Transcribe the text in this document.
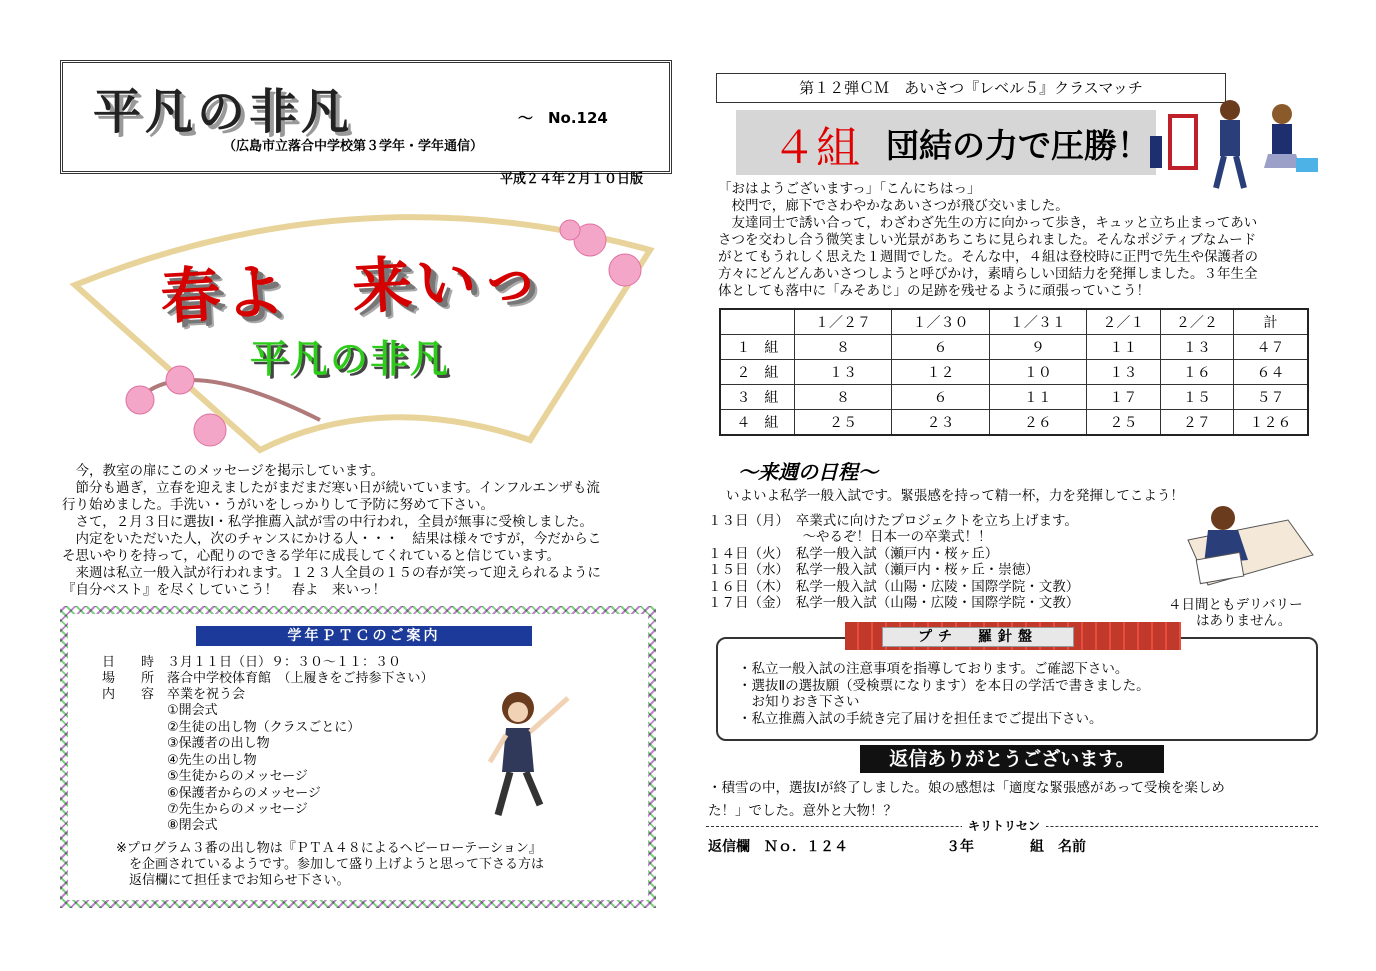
平凡の非凡	～　No.124
（広島市立落合中学校第３学年・学年通信）
平成２４年２月１０日版
春よ　来いっ
平凡の非凡
　今，教室の扉にこのメッセージを掲示しています。
　節分も過ぎ，立春を迎えましたがまだまだ寒い日が続いています。インフルエンザも流
行り始めました。手洗い・うがいをしっかりして予防に努めて下さい。
　さて，２月３日に選抜Ⅰ・私学推薦入試が雪の中行われ，全員が無事に受検しました。
　内定をいただいた人，次のチャンスにかける人・・・　結果は様々ですが，今だからこ
そ思いやりを持って，心配りのできる学年に成長してくれていると信じています。
　来週は私立一般入試が行われます。１２３人全員の１５の春が笑って迎えられるように
『自分ベスト』を尽くしていこう！　春よ　来いっ！
学年ＰＴＣのご案内
日　　時　３月１１日（日）９：３０～１１：３０
場　　所　落合中学校体育館　（上履きをご持参下さい）
内　　容　卒業を祝う会
　　　　　①開会式
　　　　　②生徒の出し物（クラスごとに）
　　　　　③保護者の出し物
　　　　　④先生の出し物
　　　　　⑤生徒からのメッセージ
　　　　　⑥保護者からのメッセージ
　　　　　⑦先生からのメッセージ
　　　　　⑧閉会式
※プログラム３番の出し物は『ＰＴＡ４８によるヘビーローテーション』
　を企画されているようです。参加して盛り上げようと思って下さる方は
　返信欄にて担任までお知らせ下さい。
第１２弾ＣＭ　あいさつ『レベル５』クラスマッチ
４組 団結の力で圧勝！
「おはようございますっ」「こんにちはっ」
　校門で，廊下でさわやかなあいさつが飛び交いました。
　友達同士で誘い合って，わざわざ先生の方に向かって歩き，キュッと立ち止まってあい
さつを交わし合う微笑ましい光景があちこちに見られました。そんなポジティブなムード
がとてもうれしく思えた１週間でした。そんな中，４組は登校時に正門で先生や保護者の
方々にどんどんあいさつしようと呼びかけ，素晴らしい団結力を発揮しました。３年生全
体としても落中に「みそあじ」の足跡を残せるように頑張っていこう！
	１／２７	１／３０	１／３１	２／１	２／２	計
１　組	８	６	９	１１	１３	４７
２　組	１３	１２	１０	１３	１６	６４
３　組	８	６	１１	１７	１５	５７
４　組	２５	２３	２６	２５	２７	１２６
～来週の日程～
いよいよ私学一般入試です。緊張感を持って精一杯，力を発揮してこよう！
１３日（月）　卒業式に向けたプロジェクトを立ち上げます。
　　　　　　　～やるぞ！日本一の卒業式！！
１４日（火）　私学一般入試（瀬戸内・桜ヶ丘）
１５日（水）　私学一般入試（瀬戸内・桜ヶ丘・崇徳）
１６日（木）　私学一般入試（山陽・広陵・国際学院・文教）
１７日（金）　私学一般入試（山陽・広陵・国際学院・文教）	４日間ともデリバリー
はありません。
プチ　羅針盤
・私立一般入試の注意事項を指導しております。ご確認下さい。
・選抜Ⅱの選抜願（受検票になります）を本日の学活で書きました。
　お知りおき下さい
・私立推薦入試の手続き完了届けを担任までご提出下さい。
返信ありがとうございます。
・積雪の中，選抜Ⅰが終了しました。娘の感想は「適度な緊張感があって受検を楽しめ
た！」でした。意外と大物！？
キリトリセン
返信欄　Ｎｏ．１２４　　　　　　　３年　　　　組　名前
